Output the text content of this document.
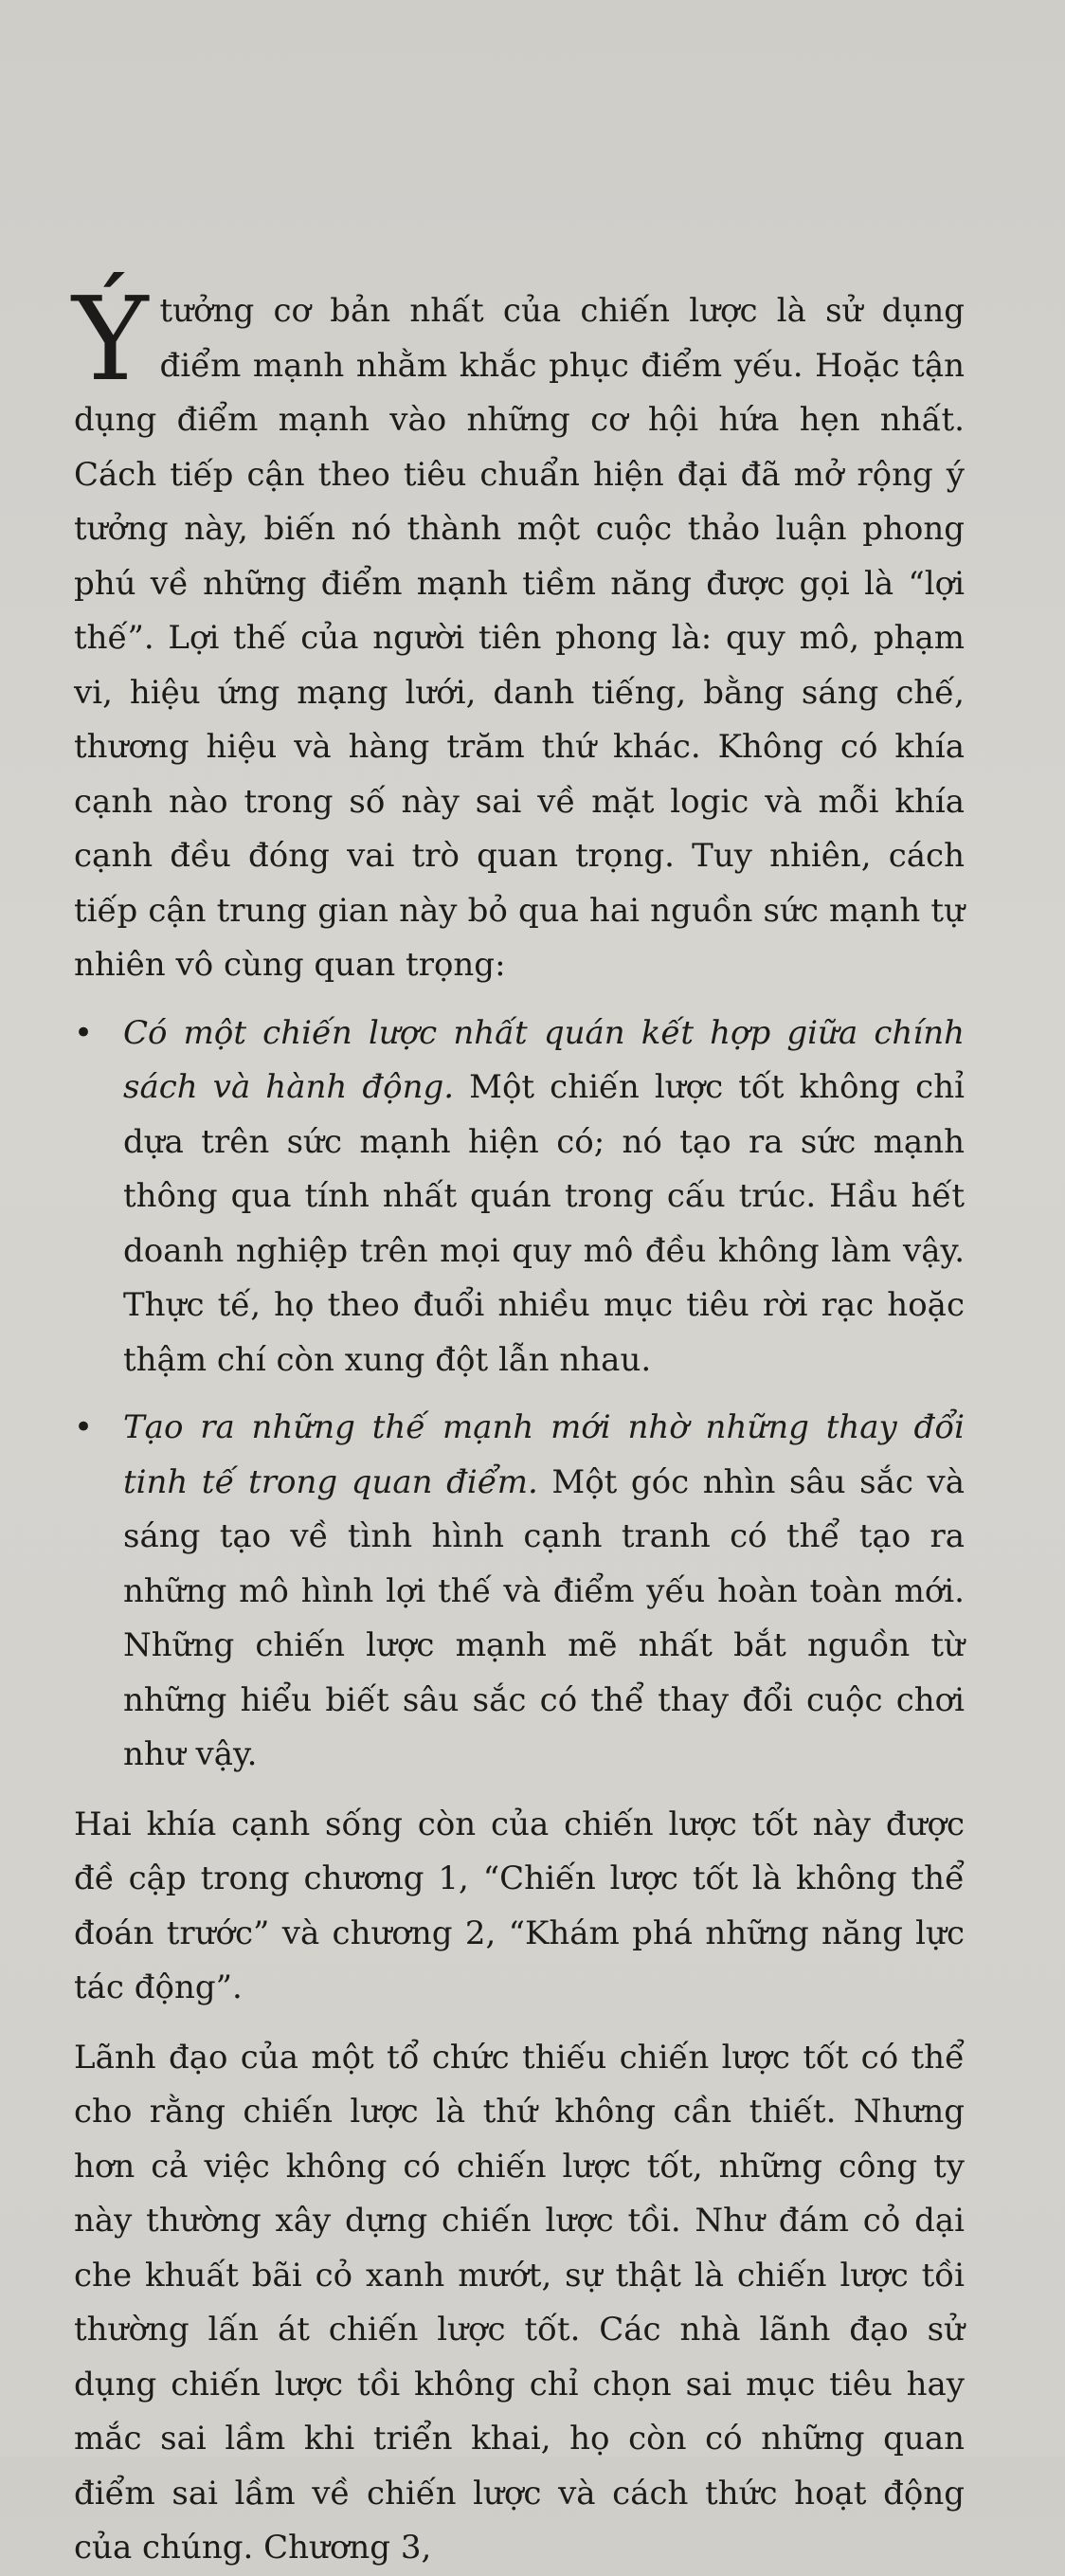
Ýtưởng cơ bản nhất của chiến lược là sử dụng điểm mạnh nhằm khắc phục điểm yếu. Hoặc tận dụng điểm mạnh vào những cơ hội hứa hẹn nhất. Cách tiếp cận theo tiêu chuẩn hiện đại đã mở rộng ý tưởng này, biến nó thành một cuộc thảo luận phong phú về những điểm mạnh tiềm năng được gọi là “lợi thế”. Lợi thế của người tiên phong là: quy mô, phạm vi, hiệu ứng mạng lưới, danh tiếng, bằng sáng chế, thương hiệu và hàng trăm thứ khác. Không có khía cạnh nào trong số này sai về mặt logic và mỗi khía cạnh đều đóng vai trò quan trọng. Tuy nhiên, cách tiếp cận trung gian này bỏ qua hai nguồn sức mạnh tự nhiên vô cùng quan trọng:

• Có một chiến lược nhất quán kết hợp giữa chính sách và hành động. Một chiến lược tốt không chỉ dựa trên sức mạnh hiện có; nó tạo ra sức mạnh thông qua tính nhất quán trong cấu trúc. Hầu hết doanh nghiệp trên mọi quy mô đều không làm vậy. Thực tế, họ theo đuổi nhiều mục tiêu rời rạc hoặc thậm chí còn xung đột lẫn nhau.
• Tạo ra những thế mạnh mới nhờ những thay đổi tinh tế trong quan điểm. Một góc nhìn sâu sắc và sáng tạo về tình hình cạnh tranh có thể tạo ra những mô hình lợi thế và điểm yếu hoàn toàn mới. Những chiến lược mạnh mẽ nhất bắt nguồn từ những hiểu biết sâu sắc có thể thay đổi cuộc chơi như vậy.

Hai khía cạnh sống còn của chiến lược tốt này được đề cập trong chương 1, “Chiến lược tốt là không thể đoán trước” và chương 2, “Khám phá những năng lực tác động”.

Lãnh đạo của một tổ chức thiếu chiến lược tốt có thể cho rằng chiến lược là thứ không cần thiết. Nhưng hơn cả việc không có chiến lược tốt, những công ty này thường xây dựng chiến lược tồi. Như đám cỏ dại che khuất bãi cỏ xanh mướt, sự thật là chiến lược tồi thường lấn át chiến lược tốt. Các nhà lãnh đạo sử dụng chiến lược tồi không chỉ chọn sai mục tiêu hay mắc sai lầm khi triển khai, họ còn có những quan điểm sai lầm về chiến lược và cách thức hoạt động của chúng. Chương 3,
